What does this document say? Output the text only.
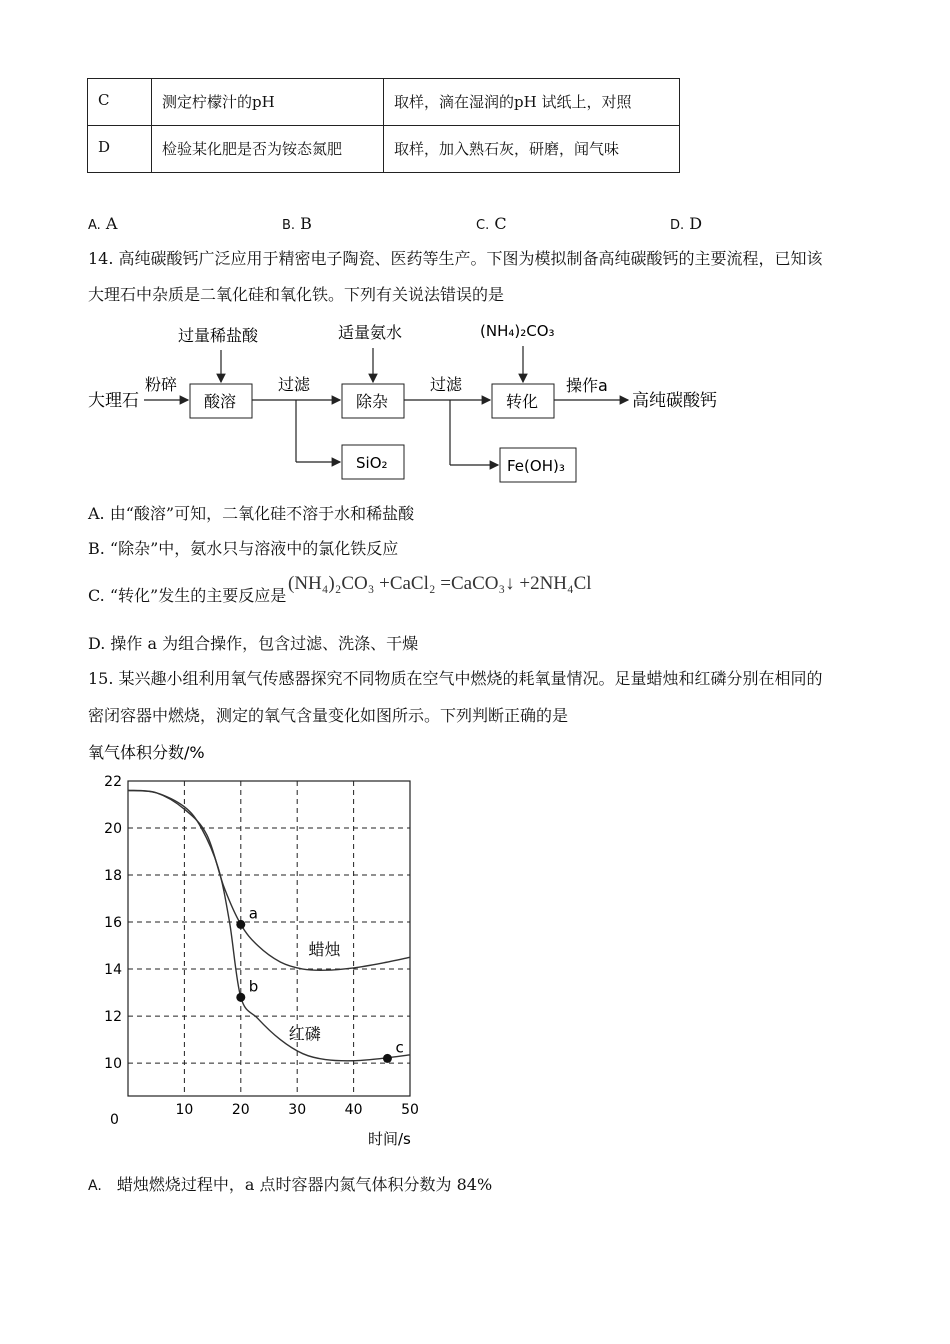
C	测定柠檬汁的pH	取样，滴在湿润的pH 试纸上，对照
D	检验某化肥是否为铵态氮肥	取样，加入熟石灰，研磨，闻气味
A. A	B. B	C. C	D. D
14. 高纯碳酸钙广泛应用于精密电子陶瓷、医药等生产。下图为模拟制备高纯碳酸钙的主要流程，已知该
大理石中杂质是二氧化硅和氧化铁。下列有关说法错误的是
大理石
粉碎
酸溶
过量稀盐酸
过滤
SiO₂
除杂
适量氨水
过滤
Fe(OH)₃
转化
(NH₄)₂CO₃
操作a
高纯碳酸钙
A. 由“酸溶”可知，二氧化硅不溶于水和稀盐酸
B. “除杂”中，氨水只与溶液中的氯化铁反应
C. “转化”发生的主要反应是
(NH₄)₂CO₃ +CaCl₂ =CaCO₃↓ +2NH₄Cl
D. 操作 a 为组合操作，包含过滤、洗涤、干燥
15. 某兴趣小组利用氧气传感器探究不同物质在空气中燃烧的耗氧量情况。足量蜡烛和红磷分别在相同的
密闭容器中燃烧，测定的氧气含量变化如图所示。下列判断正确的是
氧气体积分数/%
时间/s
0
10	20	30	40	50
10
12
14
16
18
20
22
蜡烛
红磷
a
b
c
A. 蜡烛燃烧过程中，a 点时容器内氮气体积分数为 84%
